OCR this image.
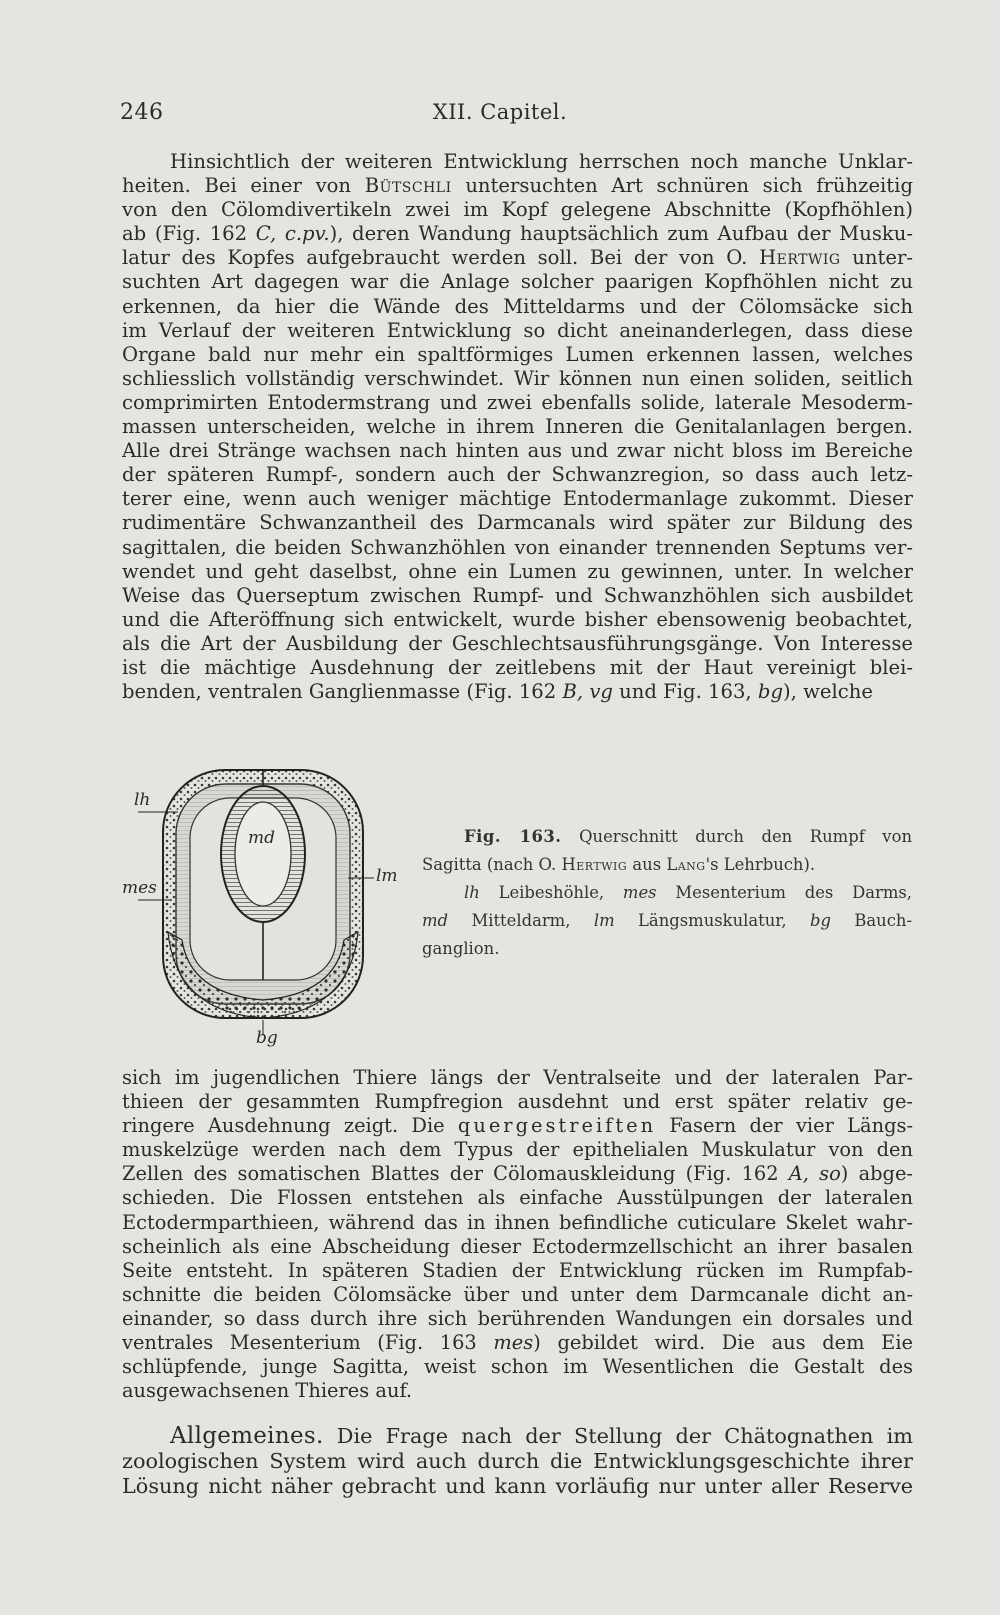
246	XII. Capitel.
Hinsichtlich der weiteren Entwicklung herrschen noch manche Unklar-
heiten. Bei einer von Bütschli untersuchten Art schnüren sich frühzeitig
von den Cölomdivertikeln zwei im Kopf gelegene Abschnitte (Kopfhöhlen)
ab (Fig. 162 C, c.pv.), deren Wandung hauptsächlich zum Aufbau der Musku-
latur des Kopfes aufgebraucht werden soll. Bei der von O. Hertwig unter-
suchten Art dagegen war die Anlage solcher paarigen Kopfhöhlen nicht zu
erkennen, da hier die Wände des Mitteldarms und der Cölomsäcke sich
im Verlauf der weiteren Entwicklung so dicht aneinanderlegen, dass diese
Organe bald nur mehr ein spaltförmiges Lumen erkennen lassen, welches
schliesslich vollständig verschwindet. Wir können nun einen soliden, seitlich
comprimirten Entodermstrang und zwei ebenfalls solide, laterale Mesoderm-
massen unterscheiden, welche in ihrem Inneren die Genitalanlagen bergen.
Alle drei Stränge wachsen nach hinten aus und zwar nicht bloss im Bereiche
der späteren Rumpf-, sondern auch der Schwanzregion, so dass auch letz-
terer eine, wenn auch weniger mächtige Entodermanlage zukommt. Dieser
rudimentäre Schwanzantheil des Darmcanals wird später zur Bildung des
sagittalen, die beiden Schwanzhöhlen von einander trennenden Septums ver-
wendet und geht daselbst, ohne ein Lumen zu gewinnen, unter. In welcher
Weise das Querseptum zwischen Rumpf- und Schwanzhöhlen sich ausbildet
und die Afteröffnung sich entwickelt, wurde bisher ebensowenig beobachtet,
als die Art der Ausbildung der Geschlechtsausführungsgänge. Von Interesse
ist die mächtige Ausdehnung der zeitlebens mit der Haut vereinigt blei-
benden, ventralen Ganglienmasse (Fig. 162 B, vg und Fig. 163, bg), welche
lh
md
mes
lm
bg
Fig. 163. Querschnitt durch den Rumpf von
Sagitta (nach O. Hertwig aus Lang's Lehrbuch).
lh Leibeshöhle, mes Mesenterium des Darms,
md Mitteldarm, lm Längsmuskulatur, bg Bauch-
ganglion.
sich im jugendlichen Thiere längs der Ventralseite und der lateralen Par-
thieen der gesammten Rumpfregion ausdehnt und erst später relativ ge-
ringere Ausdehnung zeigt. Die quergestreiften Fasern der vier Längs-
muskelzüge werden nach dem Typus der epithelialen Muskulatur von den
Zellen des somatischen Blattes der Cölomauskleidung (Fig. 162 A, so) abge-
schieden. Die Flossen entstehen als einfache Ausstülpungen der lateralen
Ectodermparthieen, während das in ihnen befindliche cuticulare Skelet wahr-
scheinlich als eine Abscheidung dieser Ectodermzellschicht an ihrer basalen
Seite entsteht. In späteren Stadien der Entwicklung rücken im Rumpfab-
schnitte die beiden Cölomsäcke über und unter dem Darmcanale dicht an-
einander, so dass durch ihre sich berührenden Wandungen ein dorsales und
ventrales Mesenterium (Fig. 163 mes) gebildet wird. Die aus dem Eie
schlüpfende, junge Sagitta, weist schon im Wesentlichen die Gestalt des
ausgewachsenen Thieres auf.
Allgemeines. Die Frage nach der Stellung der Chätognathen im
zoologischen System wird auch durch die Entwicklungsgeschichte ihrer
Lösung nicht näher gebracht und kann vorläufig nur unter aller Reserve
